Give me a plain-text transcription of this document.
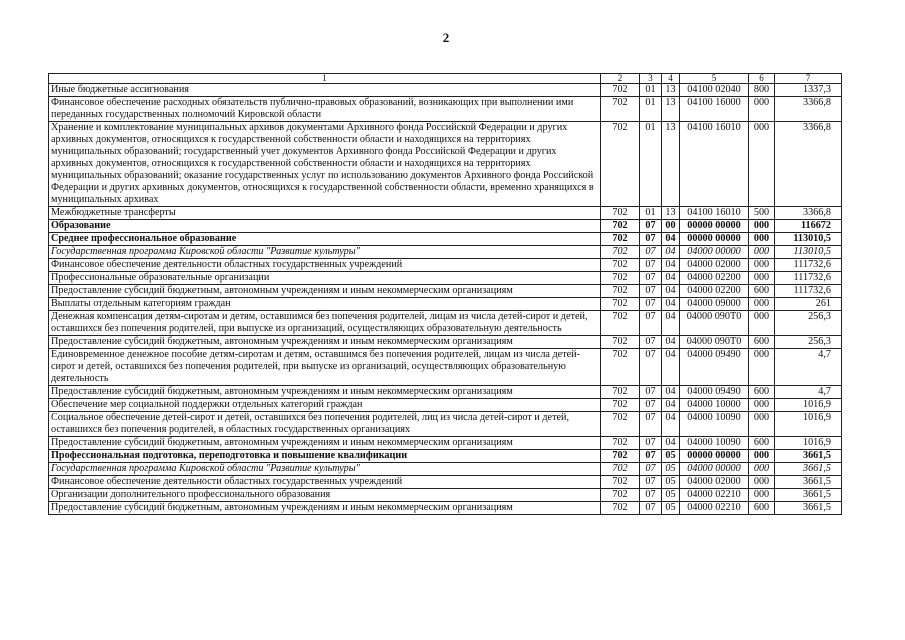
2
1	2	3	4	5	6	7
Иные бюджетные ассигнования	702	01	13	04100 02040	800	1337,3
Финансовое обеспечение расходных обязательств публично-правовых образований, возникающих при выполнении ими переданных государственных полномочий Кировской области	702	01	13	04100 16000	000	3366,8
Хранение и комплектование муниципальных архивов документами Архивного фонда Российской Федерации и других архивных документов, относящихся к государственной собственности области и находящихся на территориях муниципальных образований; государственный учет документов Архивного фонда Российской Федерации и других архивных документов, относящихся к государственной собственности области и находящихся на территориях муниципальных образований; оказание государственных услуг по использованию документов Архивного фонда Российской Федерации и других архивных документов, относящихся к государственной собственности области, временно хранящихся в муниципальных архивах	702	01	13	04100 16010	000	3366,8
Межбюджетные трансферты	702	01	13	04100 16010	500	3366,8
Образование	702	07	00	00000 00000	000	116672
Среднее профессиональное образование	702	07	04	00000 00000	000	113010,5
Государственная программа Кировской области "Развитие культуры"	702	07	04	04000 00000	000	113010,5
Финансовое обеспечение деятельности областных государственных учреждений	702	07	04	04000 02000	000	111732,6
Профессиональные образовательные организации	702	07	04	04000 02200	000	111732,6
Предоставление субсидий бюджетным, автономным учреждениям и иным некоммерческим организациям	702	07	04	04000 02200	600	111732,6
Выплаты отдельным категориям граждан	702	07	04	04000 09000	000	261
Денежная компенсация детям-сиротам и детям, оставшимся без попечения родителей, лицам из числа детей-сирот и детей, оставшихся без попечения родителей, при выпуске из организаций, осуществляющих образовательную деятельность	702	07	04	04000 090Т0	000	256,3
Предоставление субсидий бюджетным, автономным учреждениям и иным некоммерческим организациям	702	07	04	04000 090Т0	600	256,3
Единовременное денежное пособие детям-сиротам и детям, оставшимся без попечения родителей, лицам из числа детей-сирот и детей, оставшихся без попечения родителей, при выпуске из организаций, осуществляющих образовательную деятельность	702	07	04	04000 09490	000	4,7
Предоставление субсидий бюджетным, автономным учреждениям и иным некоммерческим организациям	702	07	04	04000 09490	600	4,7
Обеспечение мер социальной поддержки отдельных категорий граждан	702	07	04	04000 10000	000	1016,9
Социальное обеспечение детей-сирот и детей, оставшихся без попечения родителей, лиц из числа детей-сирот и детей, оставшихся без попечения родителей, в областных государственных организациях	702	07	04	04000 10090	000	1016,9
Предоставление субсидий бюджетным, автономным учреждениям и иным некоммерческим организациям	702	07	04	04000 10090	600	1016,9
Профессиональная подготовка, переподготовка и повышение квалификации	702	07	05	00000 00000	000	3661,5
Государственная программа Кировской области "Развитие культуры"	702	07	05	04000 00000	000	3661,5
Финансовое обеспечение деятельности областных государственных учреждений	702	07	05	04000 02000	000	3661,5
Организации дополнительного профессионального образования	702	07	05	04000 02210	000	3661,5
Предоставление субсидий бюджетным, автономным учреждениям и иным некоммерческим организациям	702	07	05	04000 02210	600	3661,5
